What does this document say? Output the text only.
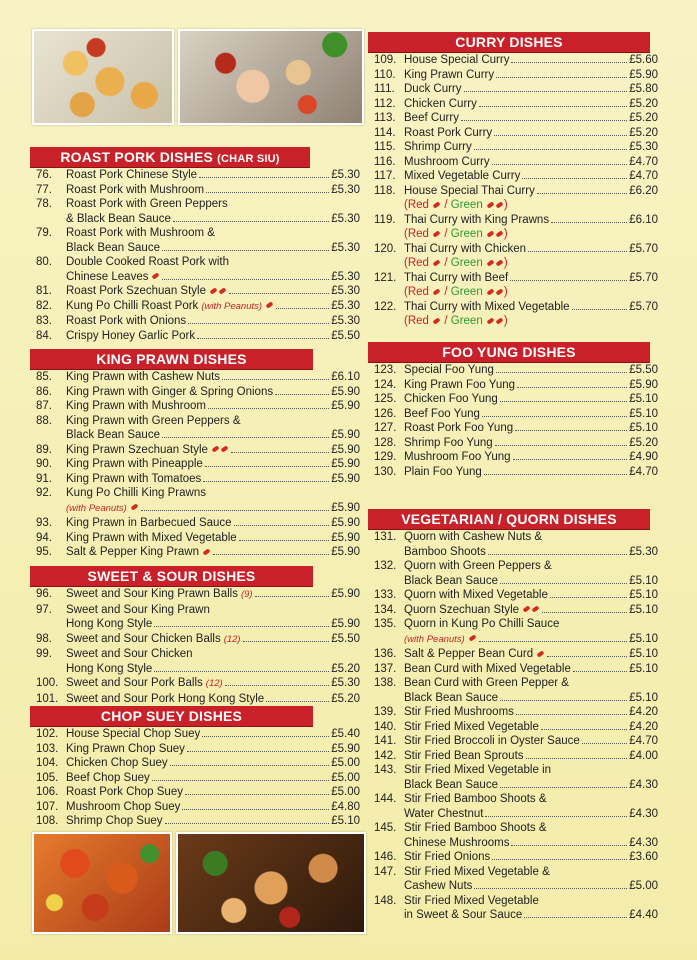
ROAST PORK DISHES (CHAR SIU)
76.	Roast Pork Chinese Style	£5.30
77.	Roast Pork with Mushroom	£5.30
78.	Roast Pork with Green Peppers
& Black Bean Sauce	£5.30
79.	Roast Pork with Mushroom &
Black Bean Sauce	£5.30
80.	Double Cooked Roast Pork with
Chinese Leaves	£5.30
81.	Roast Pork Szechuan Style	£5.30
82.	Kung Po Chilli Roast Pork (with Peanuts)	£5.30
83.	Roast Pork with Onions	£5.30
84.	Crispy Honey Garlic Pork	£5.50
KING PRAWN DISHES
85.	King Prawn with Cashew Nuts	£6.10
86.	King Prawn with Ginger & Spring Onions	£5.90
87.	King Prawn with Mushroom	£5.90
88.	King Prawn with Green Peppers &
Black Bean Sauce	£5.90
89.	King Prawn Szechuan Style	£5.90
90.	King Prawn with Pineapple	£5.90
91.	King Prawn with Tomatoes	£5.90
92.	Kung Po Chilli King Prawns
(with Peanuts)	£5.90
93.	King Prawn in Barbecued Sauce	£5.90
94.	King Prawn with Mixed Vegetable	£5.90
95.	Salt & Pepper King Prawn	£5.90
SWEET & SOUR DISHES
96.	Sweet and Sour King Prawn Balls (9)	£5.90
97.	Sweet and Sour King Prawn
Hong Kong Style	£5.90
98.	Sweet and Sour Chicken Balls (12)	£5.50
99.	Sweet and Sour Chicken
Hong Kong Style	£5.20
100. Sweet and Sour Pork Balls (12)	£5.30
101. Sweet and Sour Pork Hong Kong Style	£5.20
CHOP SUEY DISHES
102. House Special Chop Suey	£5.40
103. King Prawn Chop Suey	£5.90
104. Chicken Chop Suey	£5.00
105. Beef Chop Suey	£5.00
106. Roast Pork Chop Suey	£5.00
107. Mushroom Chop Suey	£4.80
108. Shrimp Chop Suey	£5.10
CURRY DISHES
109. House Special Curry	£5.60
110. King Prawn Curry	£5.90
111. Duck Curry	£5.80
112. Chicken Curry	£5.20
113. Beef Curry	£5.20
114. Roast Pork Curry	£5.20
115. Shrimp Curry	£5.30
116. Mushroom Curry	£4.70
117. Mixed Vegetable Curry	£4.70
118. House Special Thai Curry	£6.20
(Red  / Green )
119. Thai Curry with King Prawns	£6.10
(Red  / Green )
120. Thai Curry with Chicken	£5.70
(Red  / Green )
121. Thai Curry with Beef	£5.70
(Red  / Green )
122. Thai Curry with Mixed Vegetable	£5.70
(Red  / Green )
FOO YUNG DISHES
123. Special Foo Yung	£5.50
124. King Prawn Foo Yung	£5.90
125. Chicken Foo Yung	£5.10
126. Beef Foo Yung	£5.10
127. Roast Pork Foo Yung	£5.10
128. Shrimp Foo Yung	£5.20
129. Mushroom Foo Yung	£4.90
130. Plain Foo Yung	£4.70
VEGETARIAN / QUORN DISHES
131. Quorn with Cashew Nuts &
Bamboo Shoots	£5.30
132. Quorn with Green Peppers &
Black Bean Sauce	£5.10
133. Quorn with Mixed Vegetable	£5.10
134. Quorn Szechuan Style	£5.10
135. Quorn in Kung Po Chilli Sauce
(with Peanuts)	£5.10
136. Salt & Pepper Bean Curd	£5.10
137. Bean Curd with Mixed Vegetable	£5.10
138. Bean Curd with Green Pepper &
Black Bean Sauce	£5.10
139. Stir Fried Mushrooms	£4.20
140. Stir Fried Mixed Vegetable	£4.20
141. Stir Fried Broccoli in Oyster Sauce	£4.70
142. Stir Fried Bean Sprouts	£4.00
143. Stir Fried Mixed Vegetable in
Black Bean Sauce	£4.30
144. Stir Fried Bamboo Shoots &
Water Chestnut	£4.30
145. Stir Fried Bamboo Shoots &
Chinese Mushrooms	£4.30
146. Stir Fried Onions	£3.60
147. Stir Fried Mixed Vegetable &
Cashew Nuts	£5.00
148. Stir Fried Mixed Vegetable
in Sweet & Sour Sauce	£4.40
